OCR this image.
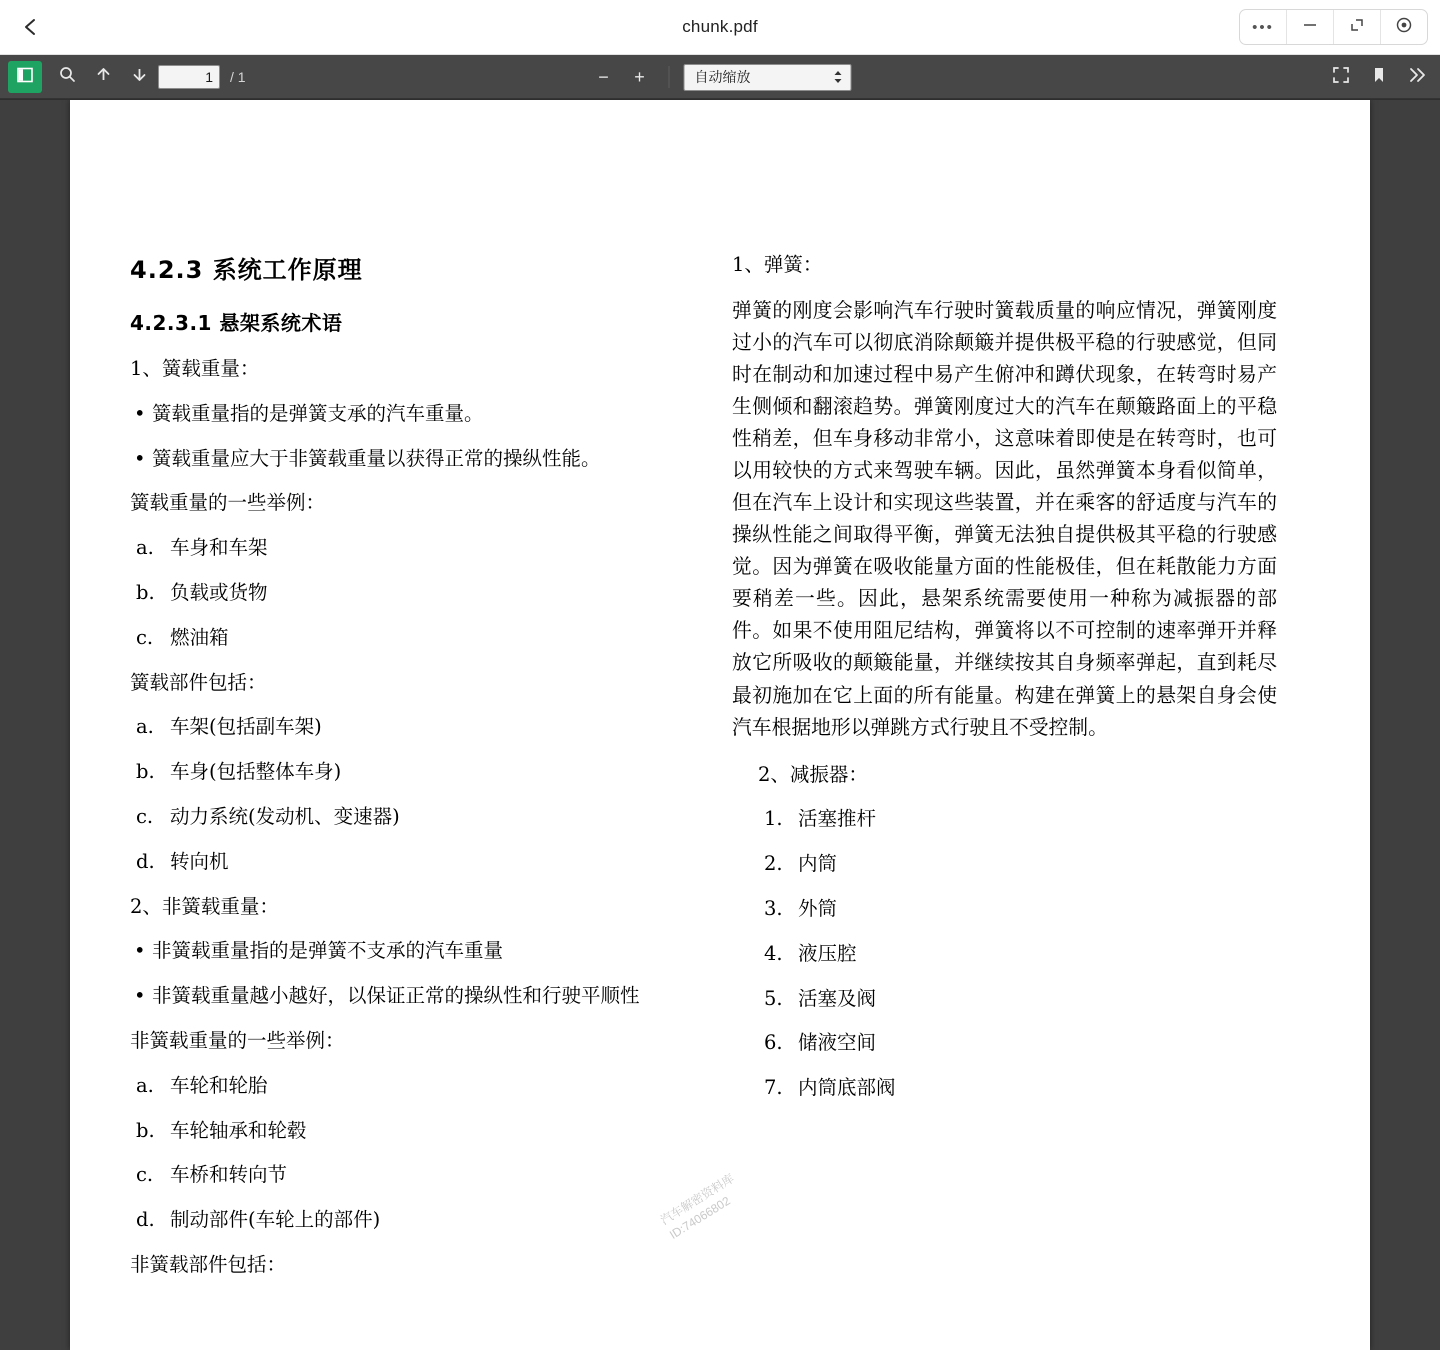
chunk.pdf	•••
1
/ 1	−	+	自动缩放
4.2.3 系统工作原理
4.2.3.1 悬架系统术语
1、簧载重量：
• 簧载重量指的是弹簧支承的汽车重量。
• 簧载重量应大于非簧载重量以获得正常的操纵性能。
簧载重量的一些举例：
a. 车身和车架
b. 负载或货物
c. 燃油箱
簧载部件包括：
a. 车架(包括副车架)
b. 车身(包括整体车身)
c. 动力系统(发动机、变速器)
d. 转向机
2、非簧载重量：
• 非簧载重量指的是弹簧不支承的汽车重量
• 非簧载重量越小越好，以保证正常的操纵性和行驶平顺性
非簧载重量的一些举例：
a. 车轮和轮胎
b. 车轮轴承和轮毂
c. 车桥和转向节
d. 制动部件(车轮上的部件)
非簧载部件包括：
1、弹簧：
弹簧的刚度会影响汽车行驶时簧载质量的响应情况，弹簧刚度过小的汽车可以彻底消除颠簸并提供极平稳的行驶感觉，但同时在制动和加速过程中易产生俯冲和蹲伏现象，在转弯时易产生侧倾和翻滚趋势。弹簧刚度过大的汽车在颠簸路面上的平稳性稍差，但车身移动非常小，这意味着即使是在转弯时，也可以用较快的方式来驾驶车辆。因此，虽然弹簧本身看似简单，但在汽车上设计和实现这些装置，并在乘客的舒适度与汽车的操纵性能之间取得平衡，弹簧无法独自提供极其平稳的行驶感觉。因为弹簧在吸收能量方面的性能极佳，但在耗散能力方面要稍差一些。因此，悬架系统需要使用一种称为减振器的部件。如果不使用阻尼结构，弹簧将以不可控制的速率弹开并释放它所吸收的颠簸能量，并继续按其自身频率弹起，直到耗尽最初施加在它上面的所有能量。构建在弹簧上的悬架自身会使汽车根据地形以弹跳方式行驶且不受控制。
2、减振器：
1. 活塞推杆
2. 内筒
3. 外筒
4. 液压腔
5. 活塞及阀
6. 储液空间
7. 内筒底部阀
汽车解密资料库
ID:74066802
